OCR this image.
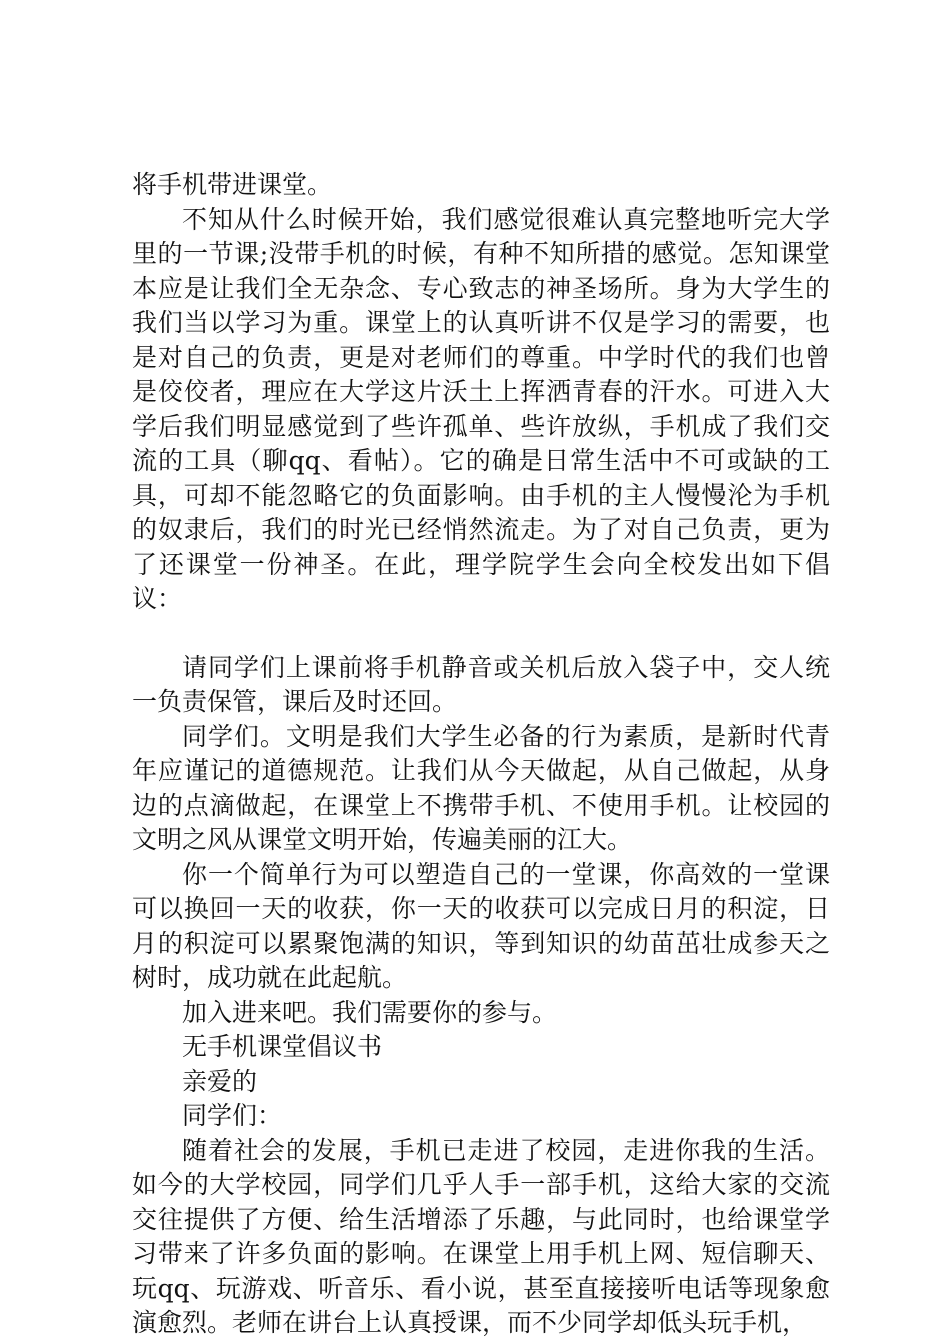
将手机带进课堂。

不知从什么时候开始，我们感觉很难认真完整地听完大学里的一节课;没带手机的时候，有种不知所措的感觉。怎知课堂本应是让我们全无杂念、专心致志的神圣场所。身为大学生的我们当以学习为重。课堂上的认真听讲不仅是学习的需要，也是对自己的负责，更是对老师们的尊重。中学时代的我们也曾是佼佼者，理应在大学这片沃土上挥洒青春的汗水。可进入大学后我们明显感觉到了些许孤单、些许放纵，手机成了我们交流的工具（聊qq、看帖）。它的确是日常生活中不可或缺的工具，可却不能忽略它的负面影响。由手机的主人慢慢沦为手机的奴隶后，我们的时光已经悄然流走。为了对自己负责，更为了还课堂一份神圣。在此，理学院学生会向全校发出如下倡议：

请同学们上课前将手机静音或关机后放入袋子中，交人统一负责保管，课后及时还回。

同学们。文明是我们大学生必备的行为素质，是新时代青年应谨记的道德规范。让我们从今天做起，从自己做起，从身边的点滴做起，在课堂上不携带手机、不使用手机。让校园的文明之风从课堂文明开始，传遍美丽的江大。

你一个简单行为可以塑造自己的一堂课，你高效的一堂课可以换回一天的收获，你一天的收获可以完成日月的积淀，日月的积淀可以累聚饱满的知识，等到知识的幼苗茁壮成参天之树时，成功就在此起航。

加入进来吧。我们需要你的参与。

无手机课堂倡议书

亲爱的

同学们：

随着社会的发展，手机已走进了校园，走进你我的生活。如今的大学校园，同学们几乎人手一部手机，这给大家的交流交往提供了方便、给生活增添了乐趣，与此同时，也给课堂学习带来了许多负面的影响。在课堂上用手机上网、短信聊天、玩qq、玩游戏、听音乐、看小说，甚至直接接听电话等现象愈演愈烈。老师在讲台上认真授课，而不少同学却低头玩手机，
